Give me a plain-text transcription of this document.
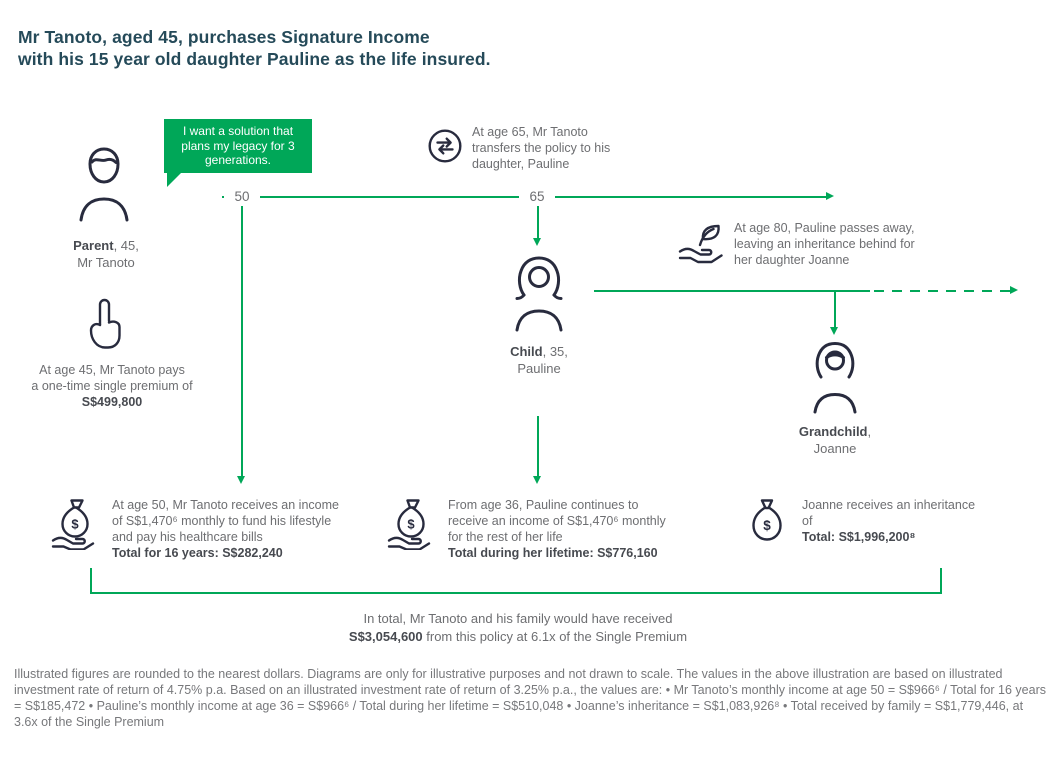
Mr Tanoto, aged 45, purchases Signature Income
with his 15 year old daughter Pauline as the life insured.
I want a solution that plans my legacy for 3 generations.
50	65
Parent, 45,
Mr Tanoto
At age 65, Mr Tanoto transfers the policy to his daughter, Pauline
At age 80, Pauline passes away, leaving an inheritance behind for her daughter Joanne
Child, 35,
Pauline
Grandchild,
Joanne
At age 45, Mr Tanoto pays
a one-time single premium of
S$499,800
$
At age 50, Mr Tanoto receives an income of S$1,470⁶ monthly to fund his lifestyle and pay his healthcare bills
Total for 16 years: S$282,240
$
From age 36, Pauline continues to receive an income of S$1,470⁶ monthly for the rest of her life
Total during her lifetime: S$776,160
$
Joanne receives an inheritance of
Total: S$1,996,200⁸
In total, Mr Tanoto and his family would have received
S$3,054,600 from this policy at 6.1x of the Single Premium
Illustrated figures are rounded to the nearest dollars. Diagrams are only for illustrative purposes and not drawn to scale. The values in the above illustration are based on illustrated investment rate of return of 4.75% p.a. Based on an illustrated investment rate of return of 3.25% p.a., the values are: • Mr Tanoto’s monthly income at age 50 = S$966⁶ / Total for 16 years = S$185,472 • Pauline’s monthly income at age 36 = S$966⁶ / Total during her lifetime = S$510,048 • Joanne’s inheritance = S$1,083,926⁸ • Total received by family = S$1,779,446, at 3.6x of the Single Premium
